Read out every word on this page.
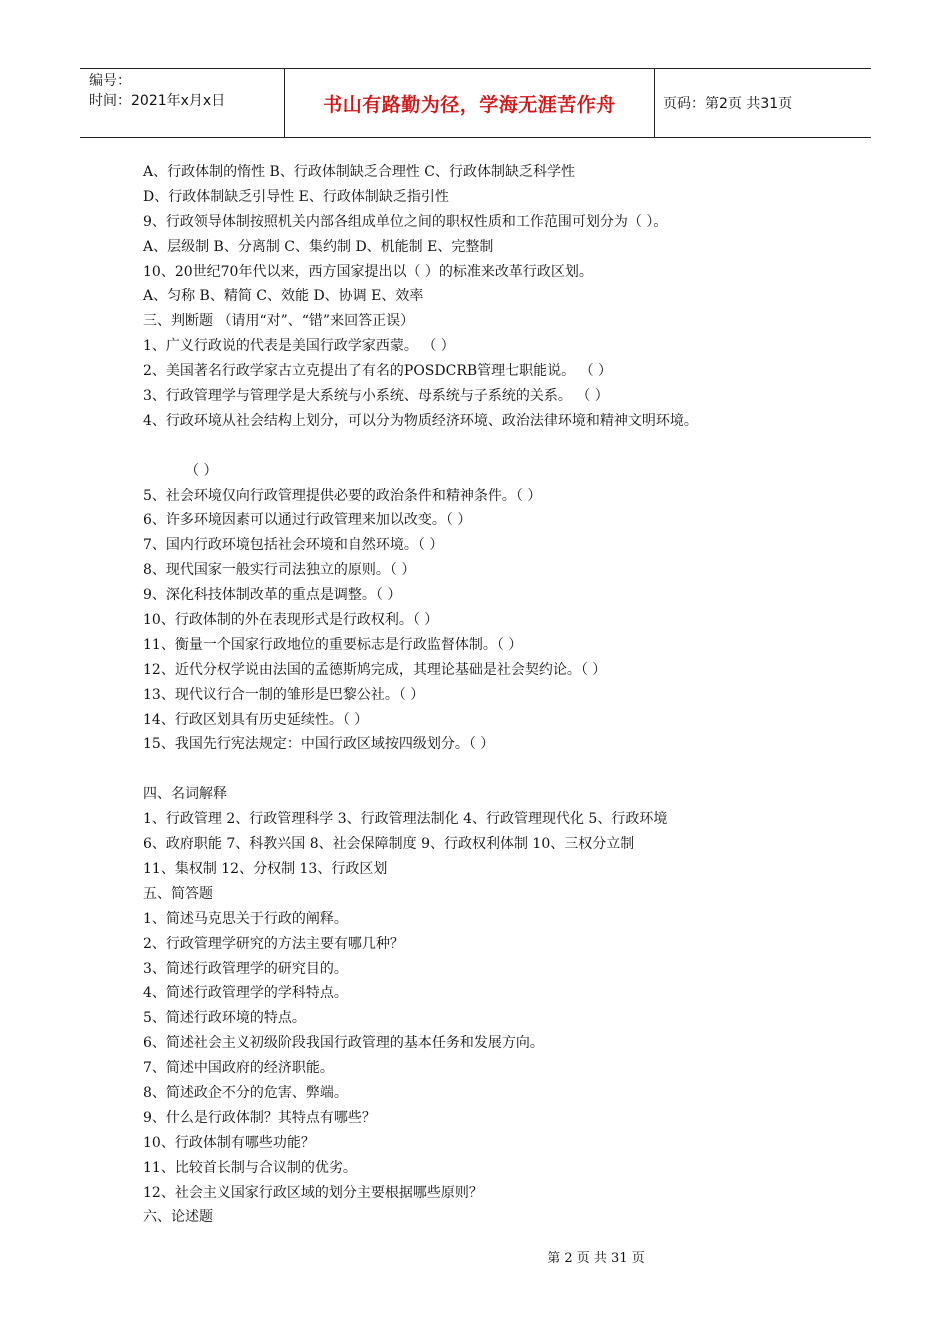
编号：
时间：2021年x月x日	书山有路勤为径，学海无涯苦作舟	页码：第2页 共31页
A、行政体制的惰性 B、行政体制缺乏合理性 C、行政体制缺乏科学性
D、行政体制缺乏引导性 E、行政体制缺乏指引性
9、行政领导体制按照机关内部各组成单位之间的职权性质和工作范围可划分为（ ）。
A、层级制 B、分离制 C、集约制 D、机能制 E、完整制
10、20世纪70年代以来，西方国家提出以（ ）的标准来改革行政区划。
A、匀称 B、精简 C、效能 D、协调 E、效率
三、判断题 （请用“对”、“错”来回答正误）
1、广义行政说的代表是美国行政学家西蒙。 （ ）
2、美国著名行政学家古立克提出了有名的POSDCRB管理七职能说。 （ ）
3、行政管理学与管理学是大系统与小系统、母系统与子系统的关系。 （ ）
4、行政环境从社会结构上划分，可以分为物质经济环境、政治法律环境和精神文明环境。
（ ）
5、社会环境仅向行政管理提供必要的政治条件和精神条件。（ ）
6、许多环境因素可以通过行政管理来加以改变。（ ）
7、国内行政环境包括社会环境和自然环境。（ ）
8、现代国家一般实行司法独立的原则。（ ）
9、深化科技体制改革的重点是调整。（ ）
10、行政体制的外在表现形式是行政权利。（ ）
11、衡量一个国家行政地位的重要标志是行政监督体制。（ ）
12、近代分权学说由法国的孟德斯鸠完成，其理论基础是社会契约论。（ ）
13、现代议行合一制的雏形是巴黎公社。（ ）
14、行政区划具有历史延续性。（ ）
15、我国先行宪法规定：中国行政区域按四级划分。（ ）
四、名词解释
1、行政管理 2、行政管理科学 3、行政管理法制化 4、行政管理现代化 5、行政环境
6、政府职能 7、科教兴国 8、社会保障制度 9、行政权利体制 10、三权分立制
11、集权制 12、分权制 13、行政区划
五、简答题
1、简述马克思关于行政的阐释。
2、行政管理学研究的方法主要有哪几种？
3、简述行政管理学的研究目的。
4、简述行政管理学的学科特点。
5、简述行政环境的特点。
6、简述社会主义初级阶段我国行政管理的基本任务和发展方向。
7、简述中国政府的经济职能。
8、简述政企不分的危害、弊端。
9、什么是行政体制？其特点有哪些？
10、行政体制有哪些功能？
11、比较首长制与合议制的优劣。
12、社会主义国家行政区域的划分主要根据哪些原则？
六、论述题
第 2 页 共 31 页
